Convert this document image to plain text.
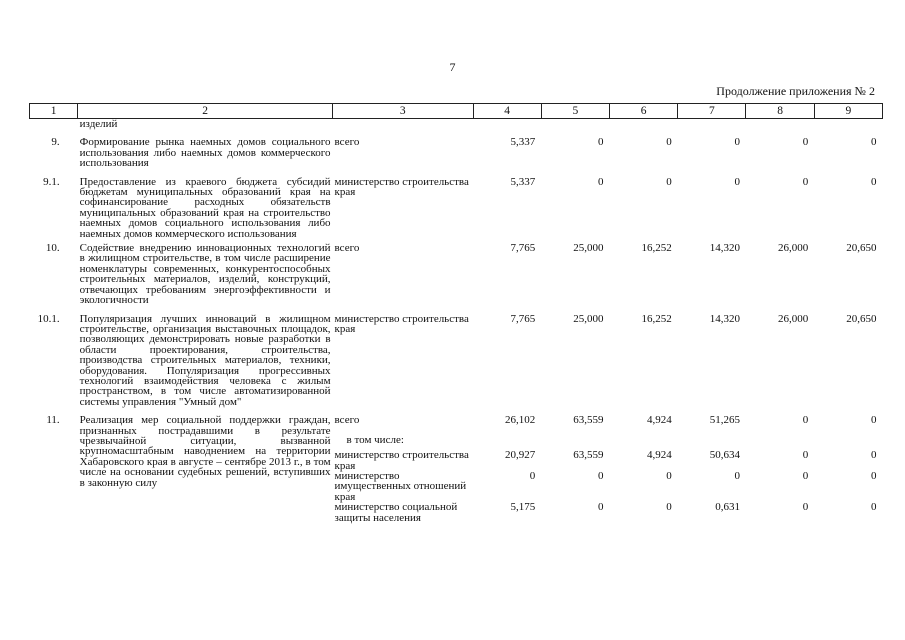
7
Продолжение приложения № 2
1	2	3	4	5	6	7	8	9
	изделий							

9.	Формирование рынка наемных домов социального использования либо наемных домов коммерческого использования	всего	5,337	0	0	0	0	0

9.1.	Предоставление из краевого бюджета субсидий бюджетам муниципальных образований края на софинансирование расходных обязательств муниципальных образований края на строительство наемных домов социального использования либо наемных домов коммерческого использования	министерство строительства края	5,337	0	0	0	0	0

10.	Содействие внедрению инновационных технологий в жилищном строительстве, в том числе расширение номенклатуры современных, конкурентоспособных строительных материалов, изделий, конструкций, отвечающих требованиям энергоэффективности и экологичности	всего	7,765	25,000	16,252	14,320	26,000	20,650

10.1.	Популяризация лучших инноваций в жилищном строительстве, организация выставочных площадок, позволяющих демонстрировать новые разработки в области проектирования, строительства, производства строительных материалов, техники, оборудования. Популяризация прогрессивных технологий взаимодействия человека с жилым пространством, в том числе автоматизированной системы управления "Умный дом"	министерство строительства края	7,765	25,000	16,252	14,320	26,000	20,650

11.	Реализация мер социальной поддержки граждан, признанных пострадавшими в результате чрезвычайной ситуации, вызванной крупномасштабным наводнением на территории Хабаровского края в августе – сентябре 2013 г., в том числе на основании судебных решений, вступивших в законную силу	всего	26,102	63,559	4,924	51,265	0	0
		в том числе:						
		министерство строительства края	20,927	63,559	4,924	50,634	0	0
		министерство имущественных отношений края	0	0	0	0	0	0
		министерство социальной защиты населения	5,175	0	0	0,631	0	0
